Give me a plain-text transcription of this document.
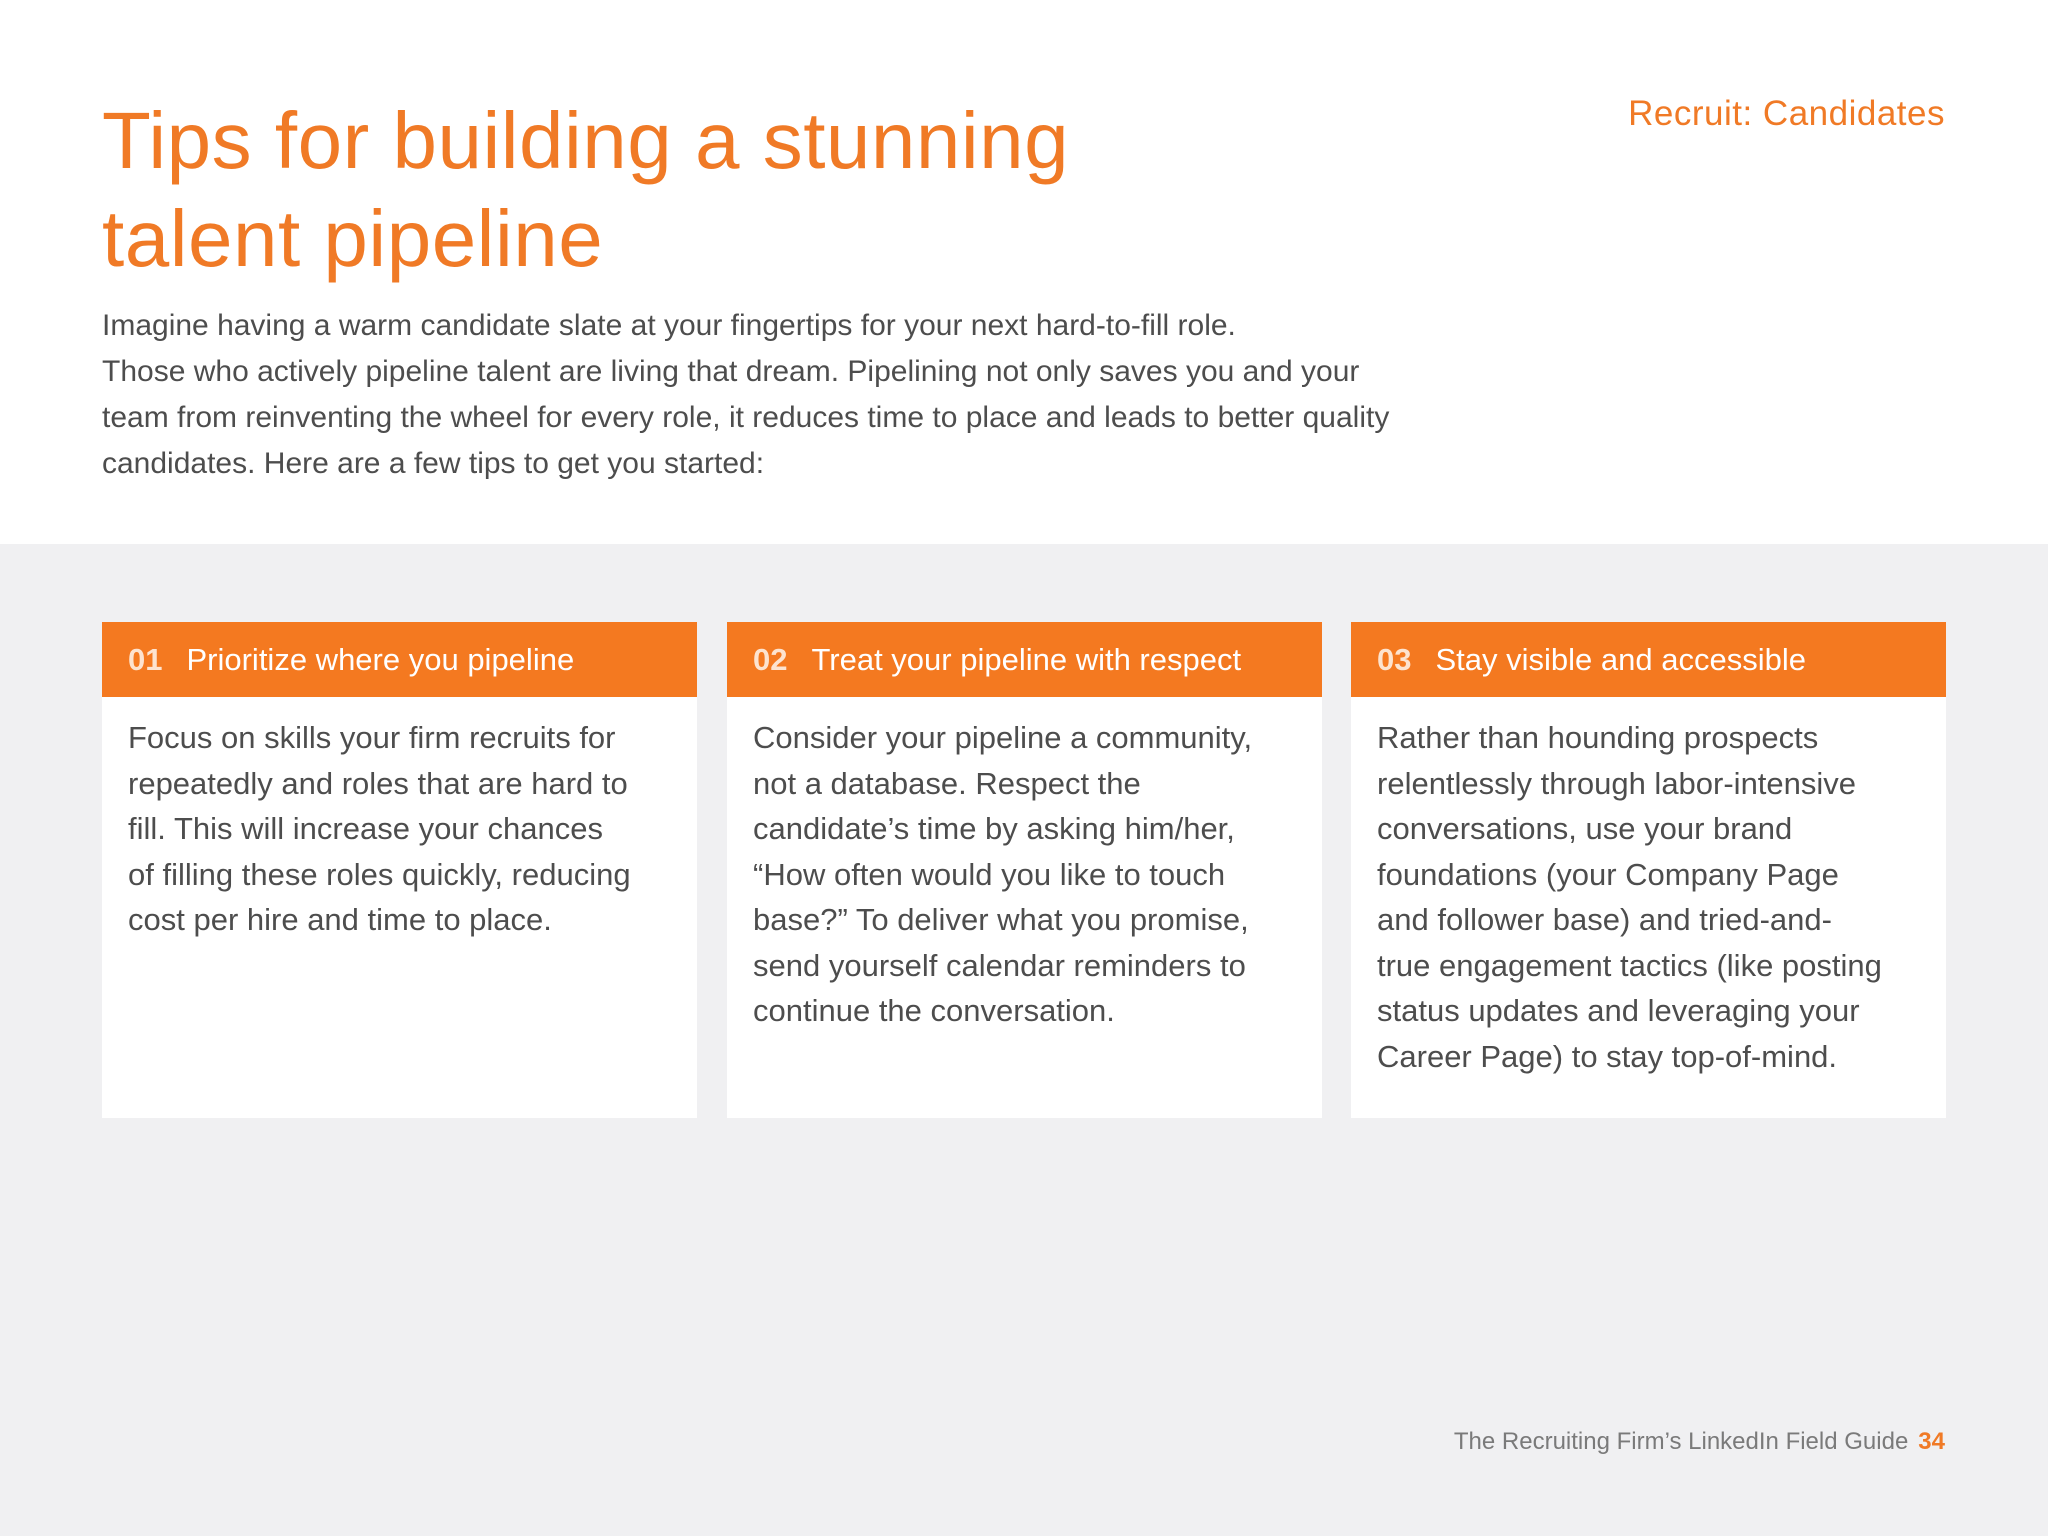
Recruit: Candidates
Tips for building a stunning
talent pipeline
Imagine having a warm candidate slate at your fingertips for your next hard-to-fill role.
Those who actively pipeline talent are living that dream. Pipelining not only saves you and your
team from reinventing the wheel for every role, it reduces time to place and leads to better quality
candidates. Here are a few tips to get you started:
01 Prioritize where you pipeline
Focus on skills your firm recruits for
repeatedly and roles that are hard to
fill. This will increase your chances
of filling these roles quickly, reducing
cost per hire and time to place.
02 Treat your pipeline with respect
Consider your pipeline a community,
not a database. Respect the
candidate’s time by asking him/her,
“How often would you like to touch
base?” To deliver what you promise,
send yourself calendar reminders to
continue the conversation.
03 Stay visible and accessible
Rather than hounding prospects
relentlessly through labor-intensive
conversations, use your brand
foundations (your Company Page
and follower base) and tried-and-
true engagement tactics (like posting
status updates and leveraging your
Career Page) to stay top-of-mind.
The Recruiting Firm’s LinkedIn Field Guide 34
